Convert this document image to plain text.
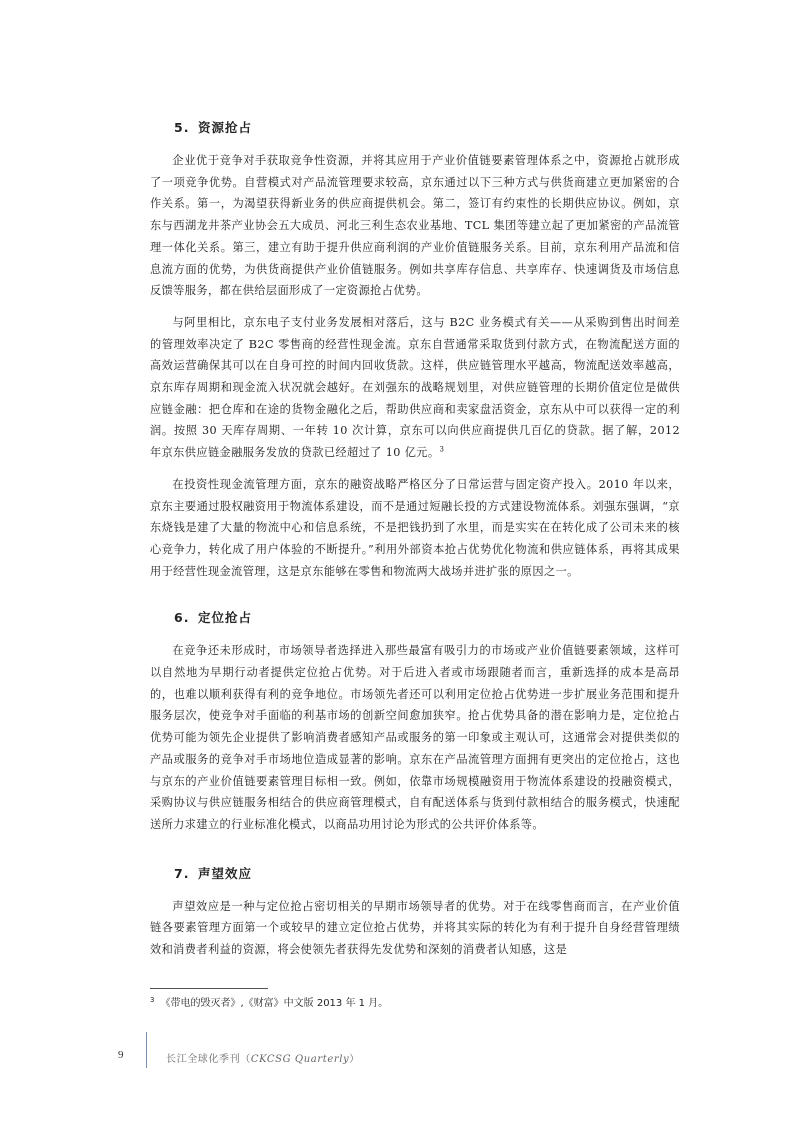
5. 资源抢占

企业优于竞争对手获取竞争性资源，并将其应用于产业价值链要素管理体系之中，资源抢占就形成了一项竞争优势。自营模式对产品流管理要求较高，京东通过以下三种方式与供货商建立更加紧密的合作关系。第一，为渴望获得新业务的供应商提供机会。第二，签订有约束性的长期供应协议。例如，京东与西湖龙井茶产业协会五大成员、河北三利生态农业基地、TCL 集团等建立起了更加紧密的产品流管理一体化关系。第三，建立有助于提升供应商利润的产业价值链服务关系。目前，京东利用产品流和信息流方面的优势，为供货商提供产业价值链服务。例如共享库存信息、共享库存、快速调货及市场信息反馈等服务，都在供给层面形成了一定资源抢占优势。

与阿里相比，京东电子支付业务发展相对落后，这与 B2C 业务模式有关——从采购到售出时间差的管理效率决定了 B2C 零售商的经营性现金流。京东自营通常采取货到付款方式，在物流配送方面的高效运营确保其可以在自身可控的时间内回收货款。这样，供应链管理水平越高，物流配送效率越高，京东库存周期和现金流入状况就会越好。在刘强东的战略规划里，对供应链管理的长期价值定位是做供应链金融：把仓库和在途的货物金融化之后，帮助供应商和卖家盘活资金，京东从中可以获得一定的利润。按照 30 天库存周期、一年转 10 次计算，京东可以向供应商提供几百亿的贷款。据了解，2012 年京东供应链金融服务发放的贷款已经超过了 10 亿元。$^3$

在投资性现金流管理方面，京东的融资战略严格区分了日常运营与固定资产投入。2010 年以来，京东主要通过股权融资用于物流体系建设，而不是通过短融长投的方式建设物流体系。刘强东强调，“京东烧钱是建了大量的物流中心和信息系统，不是把钱扔到了水里，而是实实在在转化成了公司未来的核心竞争力，转化成了用户体验的不断提升。”利用外部资本抢占优势优化物流和供应链体系，再将其成果用于经营性现金流管理，这是京东能够在零售和物流两大战场并进扩张的原因之一。

6. 定位抢占

在竞争还未形成时，市场领导者选择进入那些最富有吸引力的市场或产业价值链要素领域，这样可以自然地为早期行动者提供定位抢占优势。对于后进入者或市场跟随者而言，重新选择的成本是高昂的，也难以顺利获得有利的竞争地位。市场领先者还可以利用定位抢占优势进一步扩展业务范围和提升服务层次，使竞争对手面临的利基市场的创新空间愈加狭窄。抢占优势具备的潜在影响力是，定位抢占优势可能为领先企业提供了影响消费者感知产品或服务的第一印象或主观认可，这通常会对提供类似的产品或服务的竞争对手市场地位造成显著的影响。京东在产品流管理方面拥有更突出的定位抢占，这也与京东的产业价值链要素管理目标相一致。例如，依靠市场规模融资用于物流体系建设的投融资模式，采购协议与供应链服务相结合的供应商管理模式，自有配送体系与货到付款相结合的服务模式，快速配送所力求建立的行业标准化模式，以商品功用讨论为形式的公共评价体系等。

7. 声望效应

声望效应是一种与定位抢占密切相关的早期市场领导者的优势。对于在线零售商而言，在产业价值链各要素管理方面第一个或较早的建立定位抢占优势，并将其实际的转化为有利于提升自身经营管理绩效和消费者利益的资源，将会使领先者获得先发优势和深刻的消费者认知感，这是

$^3$ 《带电的毁灭者》,《财富》中文版 2013 年 1 月。
9	长江全球化季刊（CKCSG Quarterly）
